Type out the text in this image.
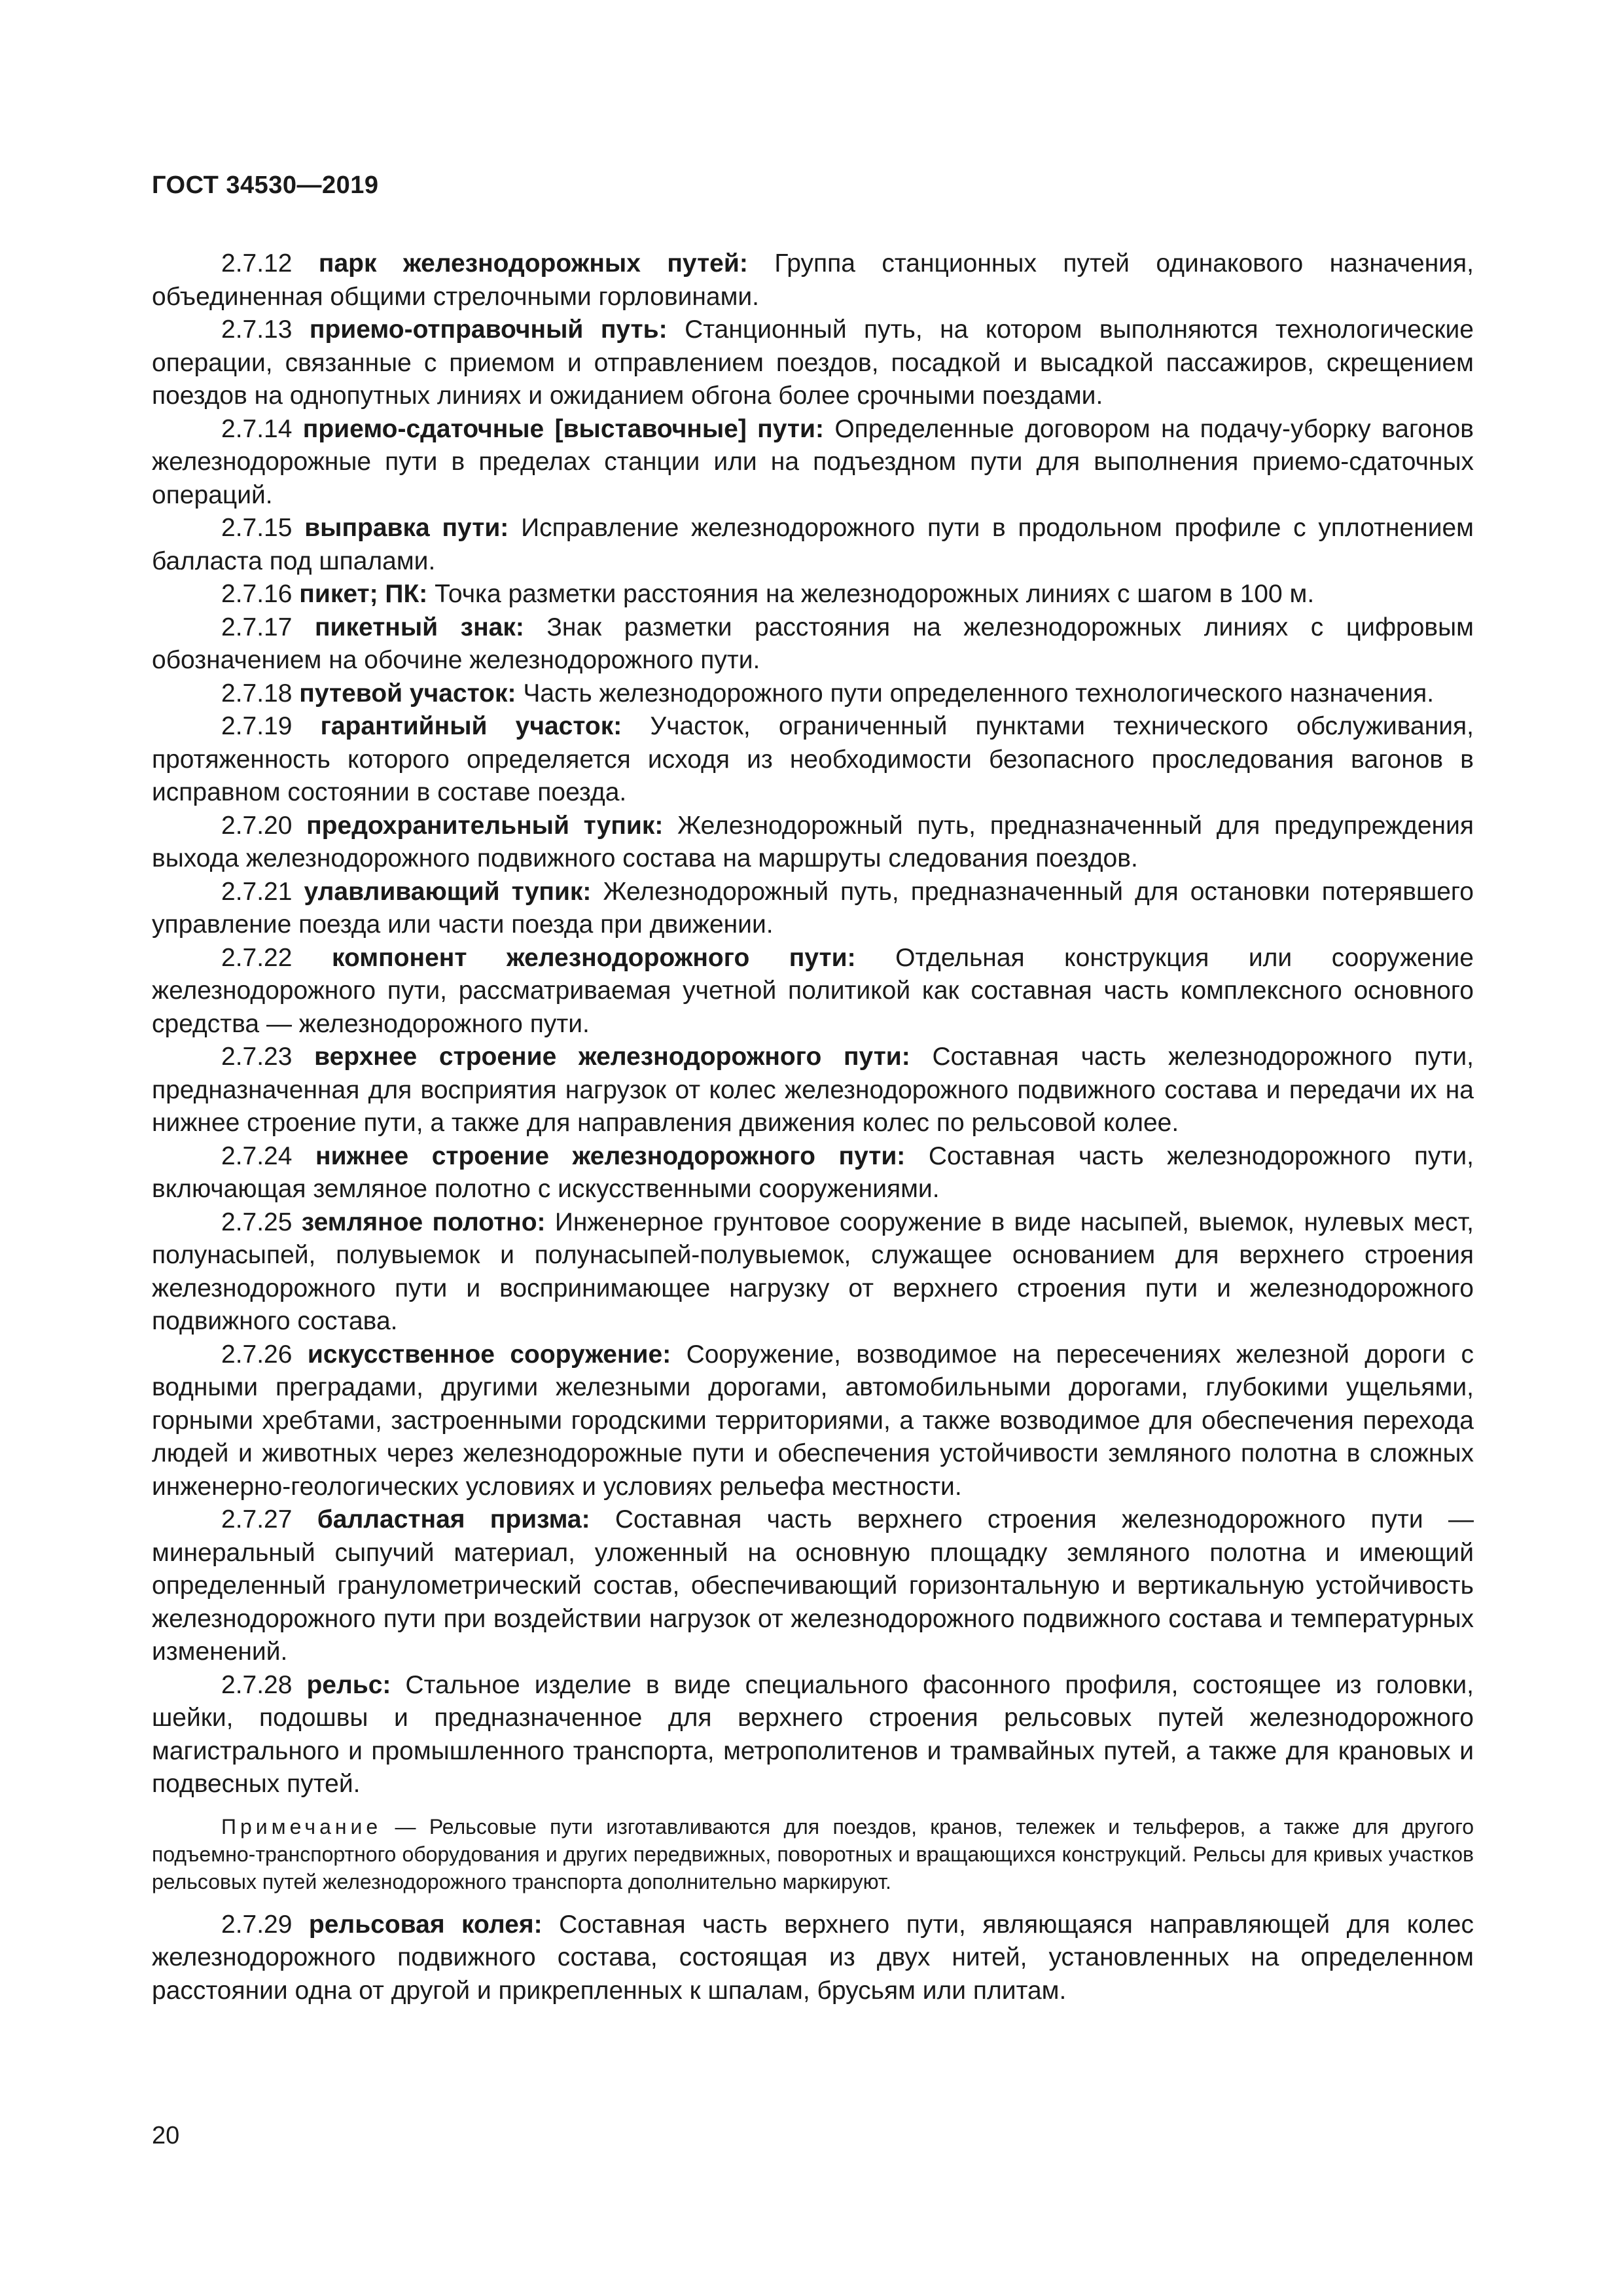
ГОСТ 34530—2019

2.7.12 парк железнодорожных путей: Группа станционных путей одинакового назначения, объединенная общими стрелочными горловинами.

2.7.13 приемо-отправочный путь: Станционный путь, на котором выполняются технологические операции, связанные с приемом и отправлением поездов, посадкой и высадкой пассажиров, скрещением поездов на однопутных линиях и ожиданием обгона более срочными поездами.

2.7.14 приемо-сдаточные [выставочные] пути: Определенные договором на подачу-уборку вагонов железнодорожные пути в пределах станции или на подъездном пути для выполнения приемо-сдаточных операций.

2.7.15 выправка пути: Исправление железнодорожного пути в продольном профиле с уплотнением балласта под шпалами.

2.7.16 пикет; ПК: Точка разметки расстояния на железнодорожных линиях с шагом в 100 м.

2.7.17 пикетный знак: Знак разметки расстояния на железнодорожных линиях с цифровым обозначением на обочине железнодорожного пути.

2.7.18 путевой участок: Часть железнодорожного пути определенного технологического назначения.

2.7.19 гарантийный участок: Участок, ограниченный пунктами технического обслуживания, протяженность которого определяется исходя из необходимости безопасного проследования вагонов в исправном состоянии в составе поезда.

2.7.20 предохранительный тупик: Железнодорожный путь, предназначенный для предупреждения выхода железнодорожного подвижного состава на маршруты следования поездов.

2.7.21 улавливающий тупик: Железнодорожный путь, предназначенный для остановки потерявшего управление поезда или части поезда при движении.

2.7.22 компонент железнодорожного пути: Отдельная конструкция или сооружение железнодорожного пути, рассматриваемая учетной политикой как составная часть комплексного основного средства — железнодорожного пути.

2.7.23 верхнее строение железнодорожного пути: Составная часть железнодорожного пути, предназначенная для восприятия нагрузок от колес железнодорожного подвижного состава и передачи их на нижнее строение пути, а также для направления движения колес по рельсовой колее.

2.7.24 нижнее строение железнодорожного пути: Составная часть железнодорожного пути, включающая земляное полотно с искусственными сооружениями.

2.7.25 земляное полотно: Инженерное грунтовое сооружение в виде насыпей, выемок, нулевых мест, полунасыпей, полувыемок и полунасыпей-полувыемок, служащее основанием для верхнего строения железнодорожного пути и воспринимающее нагрузку от верхнего строения пути и железнодорожного подвижного состава.

2.7.26 искусственное сооружение: Сооружение, возводимое на пересечениях железной дороги с водными преградами, другими железными дорогами, автомобильными дорогами, глубокими ущельями, горными хребтами, застроенными городскими территориями, а также возводимое для обеспечения перехода людей и животных через железнодорожные пути и обеспечения устойчивости земляного полотна в сложных инженерно-геологических условиях и условиях рельефа местности.

2.7.27 балластная призма: Составная часть верхнего строения железнодорожного пути — минеральный сыпучий материал, уложенный на основную площадку земляного полотна и имеющий определенный гранулометрический состав, обеспечивающий горизонтальную и вертикальную устойчивость железнодорожного пути при воздействии нагрузок от железнодорожного подвижного состава и температурных изменений.

2.7.28 рельс: Стальное изделие в виде специального фасонного профиля, состоящее из головки, шейки, подошвы и предназначенное для верхнего строения рельсовых путей железнодорожного магистрального и промышленного транспорта, метрополитенов и трамвайных путей, а также для крановых и подвесных путей.

Примечание — Рельсовые пути изготавливаются для поездов, кранов, тележек и тельферов, а также для другого подъемно-транспортного оборудования и других передвижных, поворотных и вращающихся конструкций. Рельсы для кривых участков рельсовых путей железнодорожного транспорта дополнительно маркируют.

2.7.29 рельсовая колея: Составная часть верхнего пути, являющаяся направляющей для колес железнодорожного подвижного состава, состоящая из двух нитей, установленных на определенном расстоянии одна от другой и прикрепленных к шпалам, брусьям или плитам.

20
